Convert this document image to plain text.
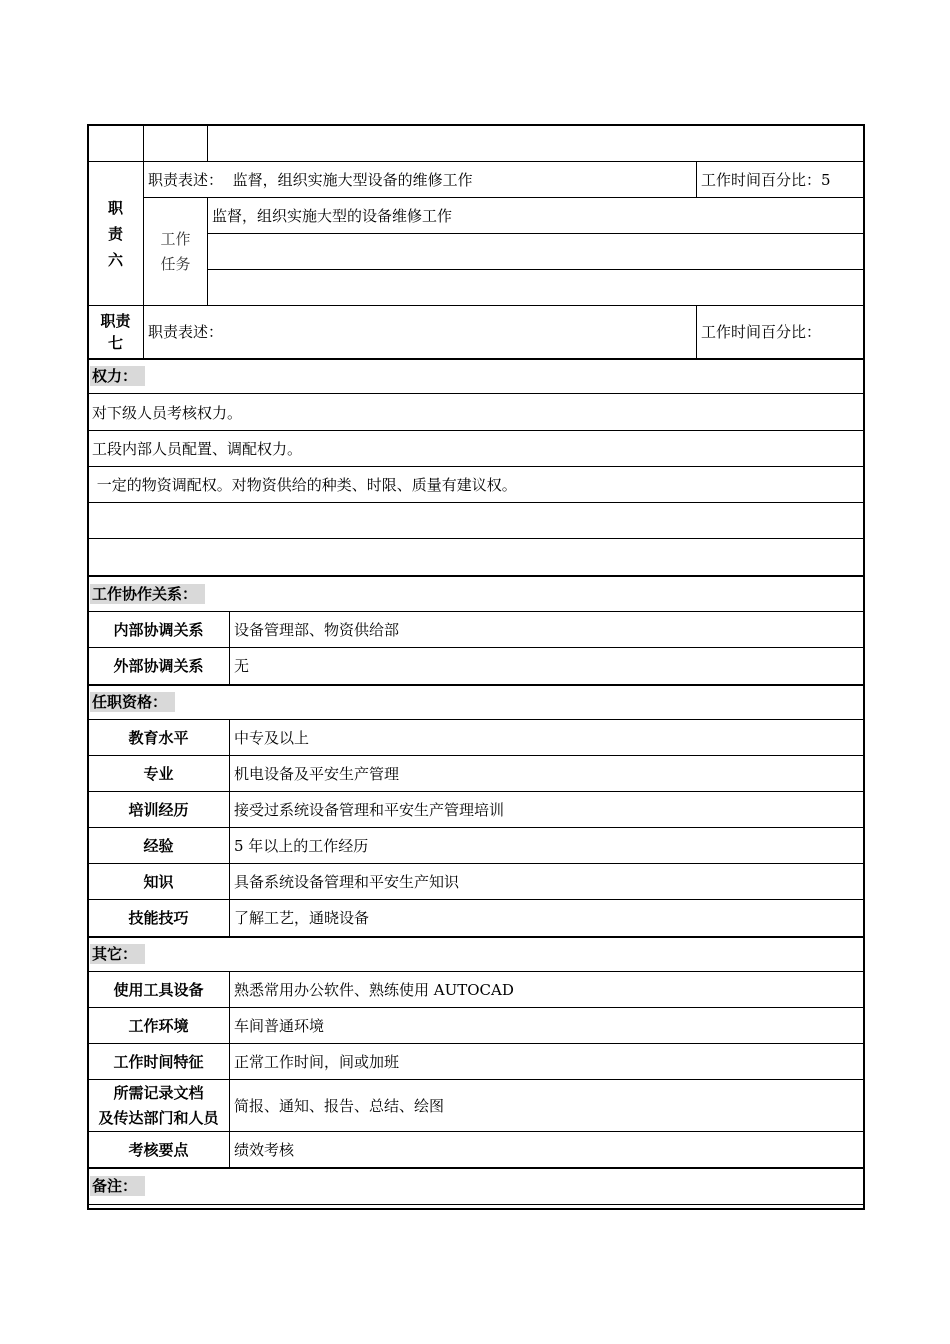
职
责
六	职责表述： 监督，组织实施大型设备的维修工作			工作时间百分比：5

	工作
任务	监督，组织实施大型的设备维修工作		

职责
七	职责表述：			工作时间百分比：
权力：				
对下级人员考核权力。				
工段内部人员配置、调配权力。				
一定的物资调配权。对物资供给的种类、时限、质量有建议权。				

工作协作关系：				
内部协调关系			设备管理部、物资供给部	
外部协调关系			无	
任职资格：				
教育水平			中专及以上	
专业			机电设备及平安生产管理	
培训经历			接受过系统设备管理和平安生产管理培训	
经验			5 年以上的工作经历	
知识			具备系统设备管理和平安生产知识	
技能技巧			了解工艺，通晓设备	
其它：				
使用工具设备			熟悉常用办公软件、熟练使用 AUTOCAD	
工作环境			车间普通环境	
工作时间特征			正常工作时间，间或加班	

所需记录文档
及传达部门和人员			简报、通知、报告、总结、绘图	
考核要点			绩效考核	
备注：				
